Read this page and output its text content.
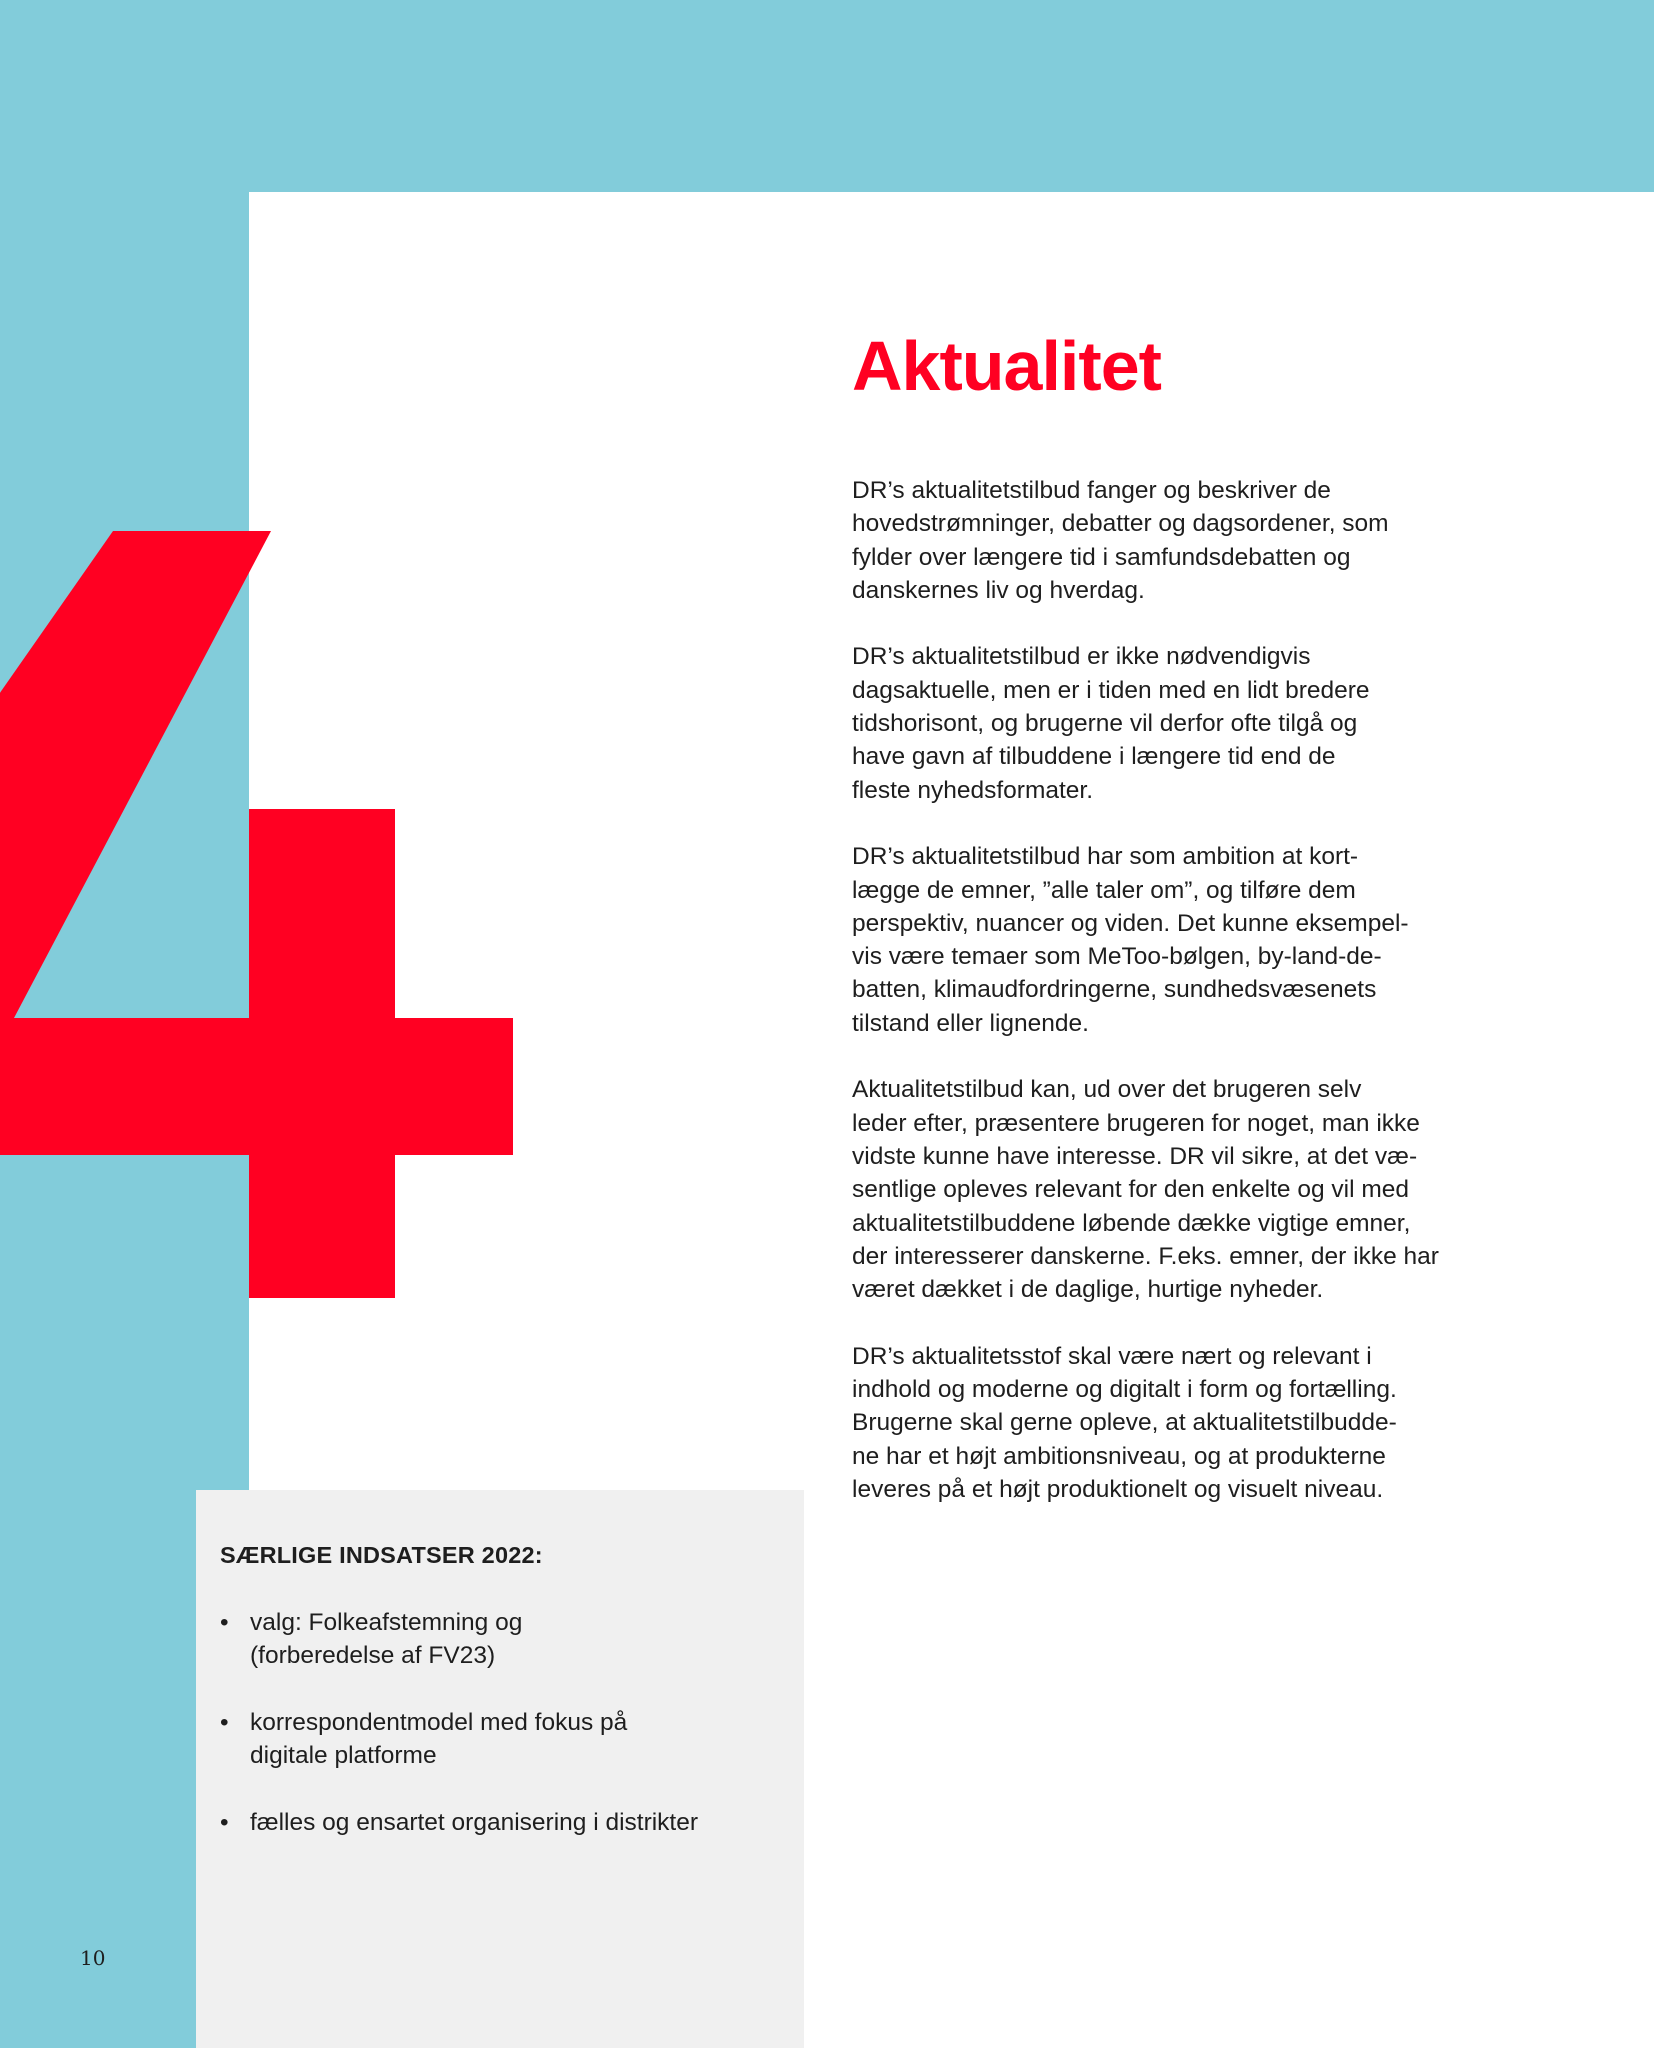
Aktualitet

DR’s aktualitetstilbud fanger og beskriver de
hovedstrømninger, debatter og dagsordener, som
fylder over længere tid i samfundsdebatten og
danskernes liv og hverdag.

DR’s aktualitetstilbud er ikke nødvendigvis
dagsaktuelle, men er i tiden med en lidt bredere
tidshorisont, og brugerne vil derfor ofte tilgå og
have gavn af tilbuddene i længere tid end de
fleste nyhedsformater.

DR’s aktualitetstilbud har som ambition at kort-
lægge de emner, ”alle taler om”, og tilføre dem
perspektiv, nuancer og viden. Det kunne eksempel-
vis være temaer som MeToo-bølgen, by-land-de-
batten, klimaudfordringerne, sundhedsvæsenets
tilstand eller lignende.

Aktualitetstilbud kan, ud over det brugeren selv
leder efter, præsentere brugeren for noget, man ikke
vidste kunne have interesse. DR vil sikre, at det væ-
sentlige opleves relevant for den enkelte og vil med
aktualitetstilbuddene løbende dække vigtige emner,
der interesserer danskerne. F.eks. emner, der ikke har
været dækket i de daglige, hurtige nyheder.

DR’s aktualitetsstof skal være nært og relevant i
indhold og moderne og digitalt i form og fortælling.
Brugerne skal gerne opleve, at aktualitetstilbudde-
ne har et højt ambitionsniveau, og at produkterne
leveres på et højt produktionelt og visuelt niveau.

SÆRLIGE INDSATSER 2022:
• valg: Folkeafstemning og
(forberedelse af FV23)
• korrespondentmodel med fokus på
digitale platforme
• fælles og ensartet organisering i distrikter
10
